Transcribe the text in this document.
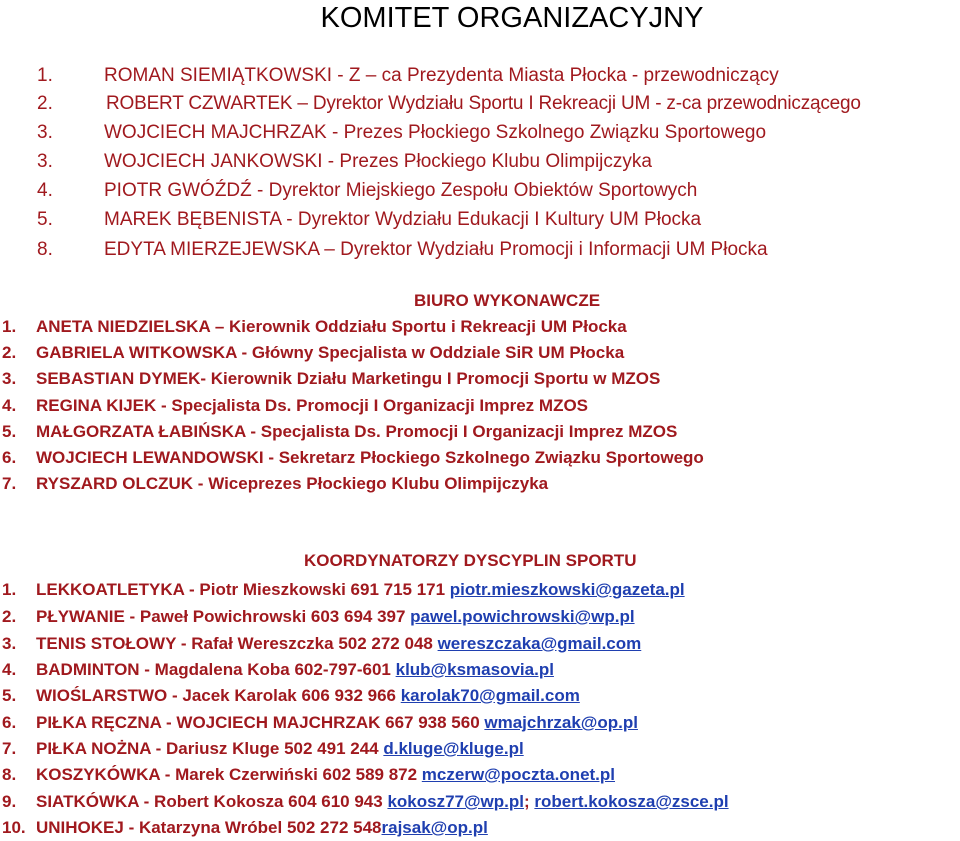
KOMITET ORGANIZACYJNY
1.	ROMAN SIEMIĄTKOWSKI - Z – ca Prezydenta Miasta Płocka - przewodniczący
2.	ROBERT CZWARTEK – Dyrektor Wydziału Sportu I Rekreacji UM - z-ca przewodniczącego
3.	WOJCIECH MAJCHRZAK - Prezes Płockiego Szkolnego Związku Sportowego
3.	WOJCIECH JANKOWSKI - Prezes Płockiego Klubu Olimpijczyka
4.	PIOTR GWÓŹDŹ - Dyrektor Miejskiego Zespołu Obiektów Sportowych
5.	MAREK BĘBENISTA - Dyrektor Wydziału Edukacji I Kultury UM Płocka
8.	EDYTA MIERZEJEWSKA – Dyrektor Wydziału Promocji i Informacji UM Płocka
BIURO WYKONAWCZE
1. ANETA NIEDZIELSKA – Kierownik Oddziału Sportu i Rekreacji UM Płocka
2. GABRIELA WITKOWSKA - Główny Specjalista w Oddziale SiR UM Płocka
3. SEBASTIAN DYMEK- Kierownik Działu Marketingu I Promocji Sportu w MZOS
4. REGINA KIJEK - Specjalista Ds. Promocji I Organizacji Imprez MZOS
5. MAŁGORZATA ŁABIŃSKA - Specjalista Ds. Promocji I Organizacji Imprez MZOS
6. WOJCIECH LEWANDOWSKI - Sekretarz Płockiego Szkolnego Związku Sportowego
7. RYSZARD OLCZUK - Wiceprezes Płockiego Klubu Olimpijczyka
KOORDYNATORZY DYSCYPLIN SPORTU
1. LEKKOATLETYKA - Piotr Mieszkowski 691 715 171 piotr.mieszkowski@gazeta.pl
2. PŁYWANIE - Paweł Powichrowski 603 694 397 pawel.powichrowski@wp.pl
3. TENIS STOŁOWY - Rafał Wereszczka 502 272 048 wereszczaka@gmail.com
4. BADMINTON - Magdalena Koba 602-797-601 klub@ksmasovia.pl
5. WIOŚLARSTWO - Jacek Karolak 606 932 966 karolak70@gmail.com
6. PIŁKA RĘCZNA - WOJCIECH MAJCHRZAK 667 938 560 wmajchrzak@op.pl
7. PIŁKA NOŻNA - Dariusz Kluge 502 491 244 d.kluge@kluge.pl
8. KOSZYKÓWKA - Marek Czerwiński 602 589 872 mczerw@poczta.onet.pl
9. SIATKÓWKA - Robert Kokosza 604 610 943 kokosz77@wp.pl; robert.kokosza@zsce.pl
10. UNIHOKEJ - Katarzyna Wróbel 502 272 548rajsak@op.pl
